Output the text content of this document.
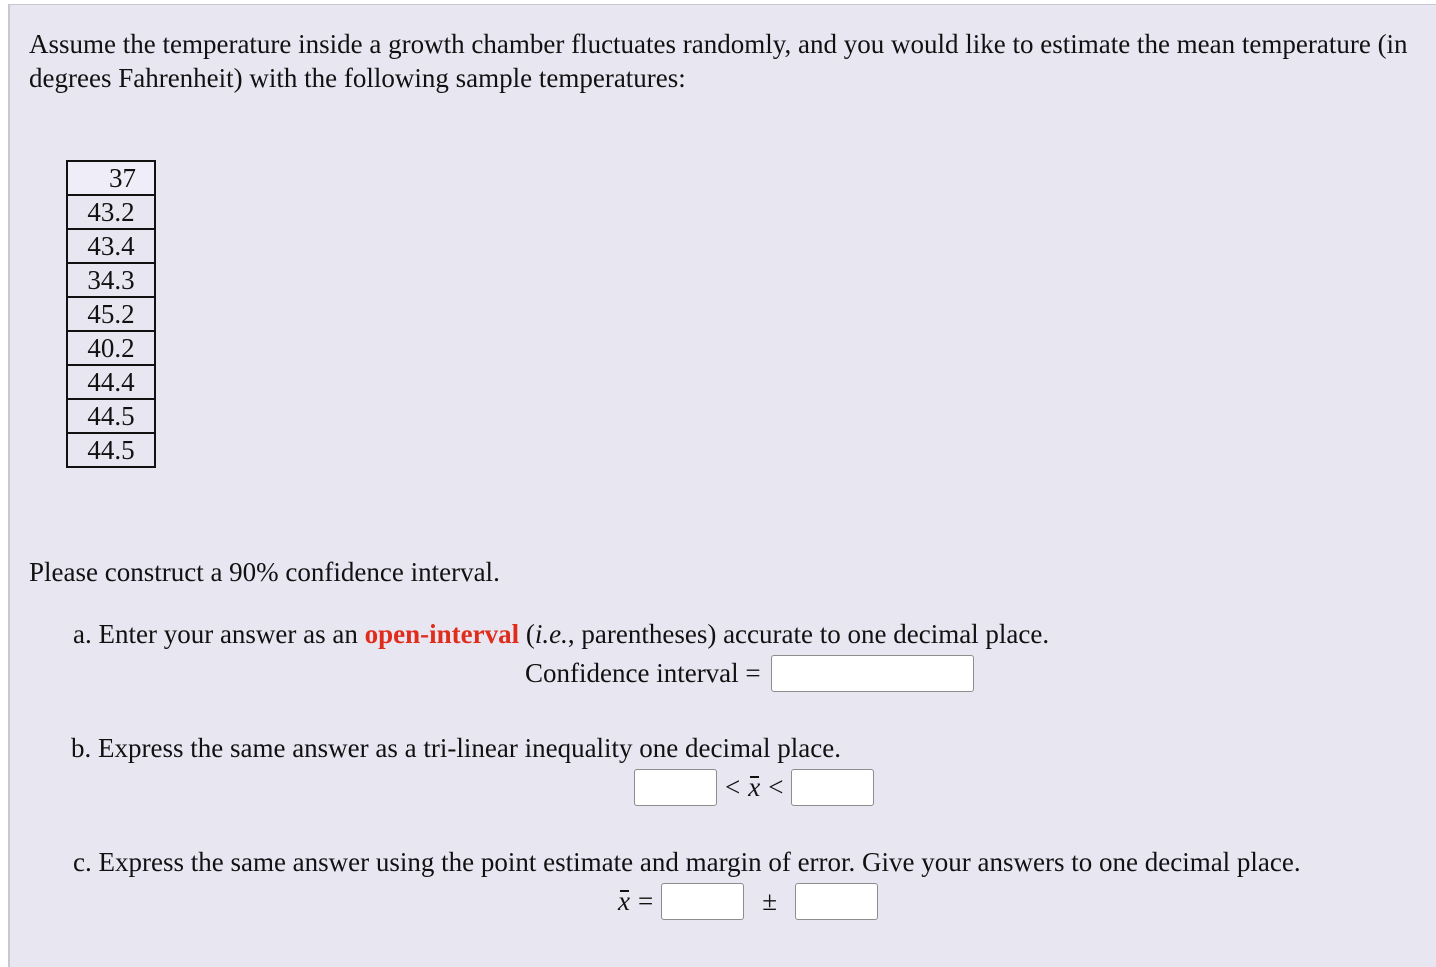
Assume the temperature inside a growth chamber fluctuates randomly, and you would like to estimate the mean temperature (in degrees Fahrenheit) with the following sample temperatures:
37
43.2
43.4
34.3
45.2
40.2
44.4
44.5
44.5
Please construct a 90% confidence interval.
a. Enter your answer as an open-interval (i.e., parentheses) accurate to one decimal place.
Confidence interval =
b. Express the same answer as a tri-linear inequality one decimal place.
< x <
c. Express the same answer using the point estimate and margin of error. Give your answers to one decimal place.
x =	±
